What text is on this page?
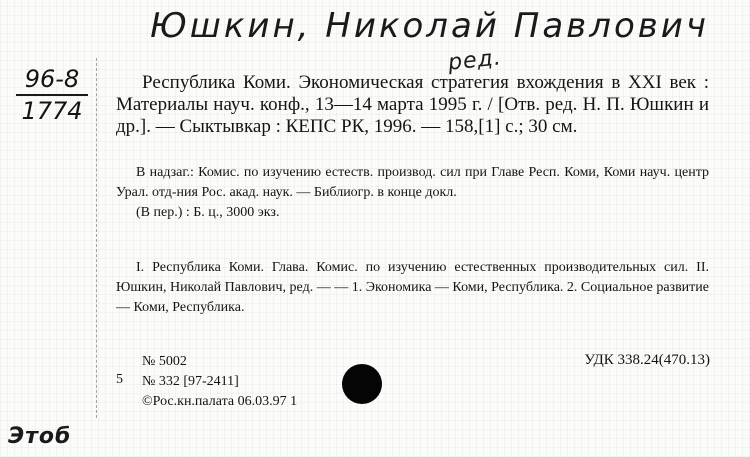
Юшкин, Николай Павлович
ред.
96-8
1774
Республика Коми. Экономическая стратегия вхождения в XXI век : Материалы науч. конф., 13—14 марта 1995 г. / [Отв. ред. Н. П. Юшкин и др.]. — Сыктывкар : КЕПС РК, 1996. — 158,[1] с.; 30 см.

В надзаг.: Комис. по изучению естеств. производ. сил при Главе Респ. Коми, Коми науч. центр Урал. отд-ния Рос. акад. наук. — Библиогр. в конце докл.

(В пер.) : Б. ц., 3000 экз.

I. Республика Коми. Глава. Комис. по изучению естественных производительных сил. II. Юшкин, Николай Павлович, ред. — — 1. Экономика — Коми, Республика. 2. Социальное развитие — Коми, Республика.
№ 5002
№ 332 [97-2411]
©Рос.кн.палата 06.03.97 1
5
УДК 338.24(470.13)
Этоб
